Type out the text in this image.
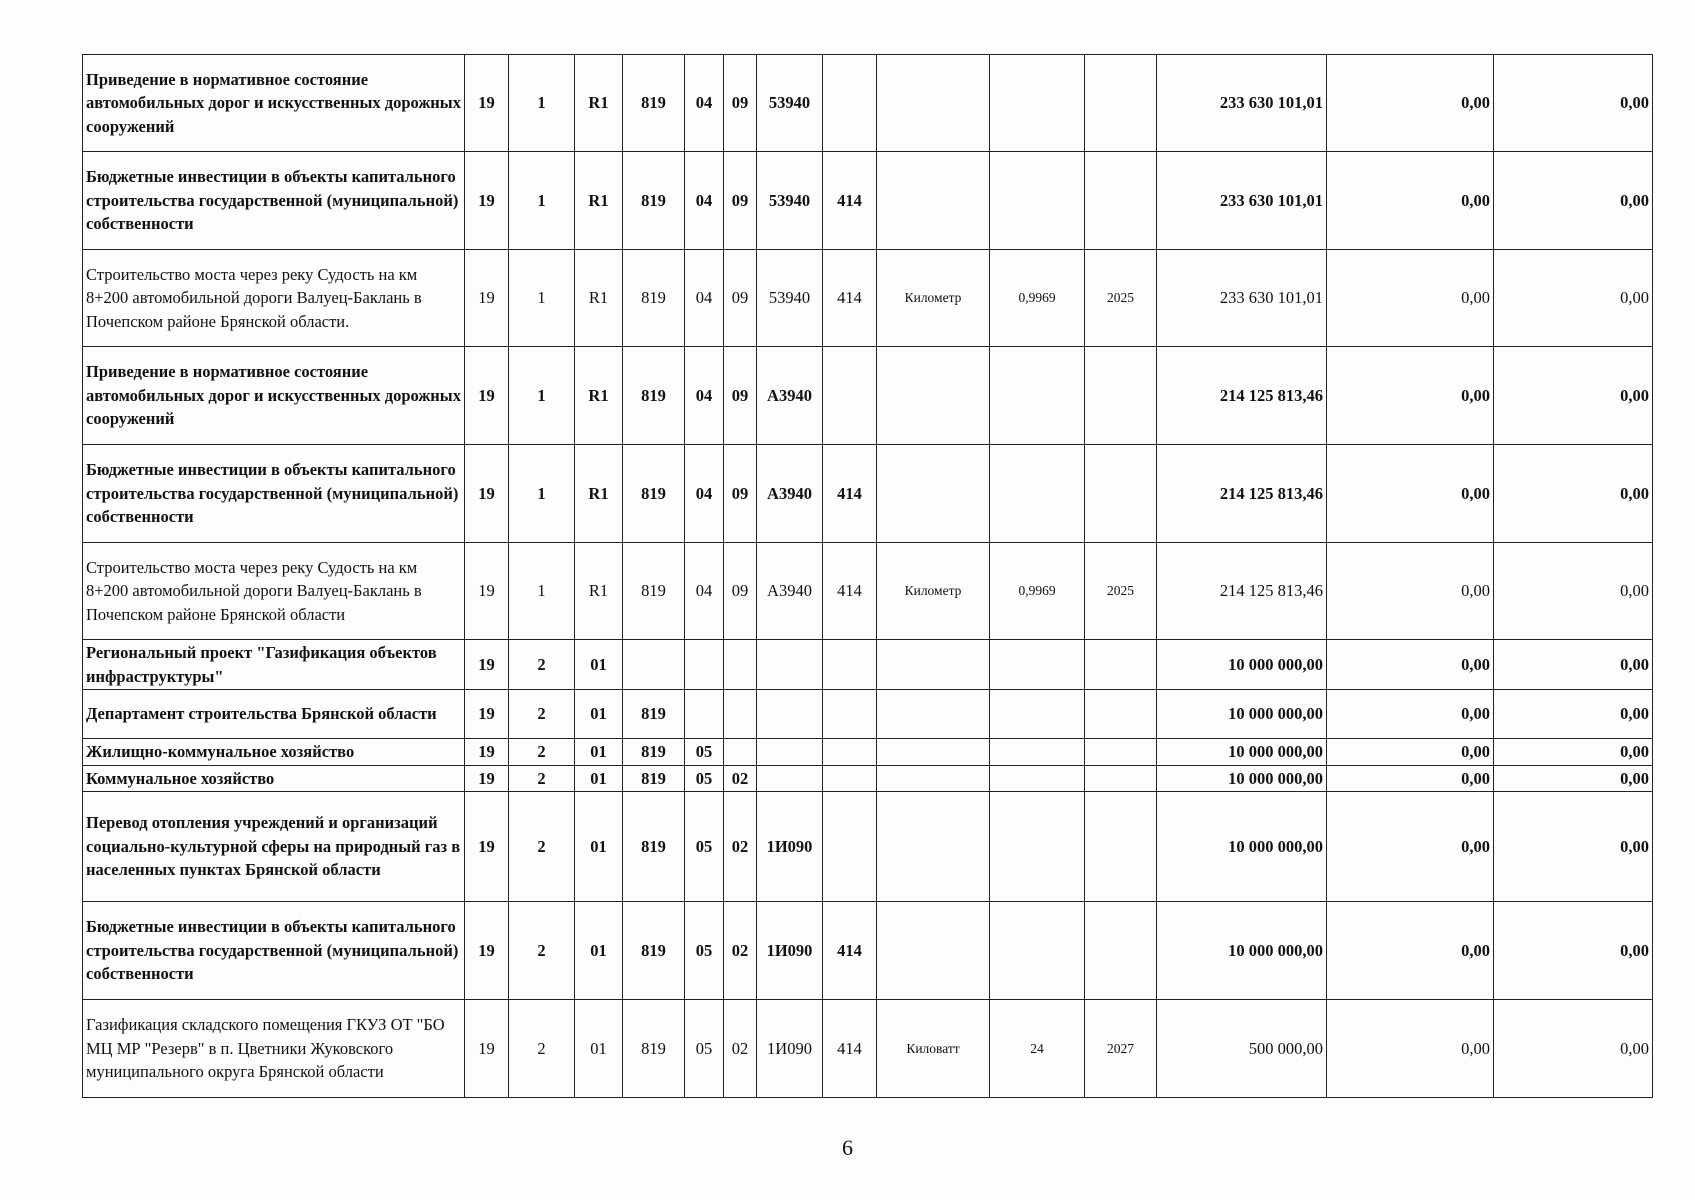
Приведение в нормативное состояние автомобильных дорог и искусственных дорожных сооружений	19	1	R1	819	04	09	53940					233 630 101,01	0,00	0,00
Бюджетные инвестиции в объекты капитального строительства государственной (муниципальной) собственности	19	1	R1	819	04	09	53940	414				233 630 101,01	0,00	0,00
Строительство моста через реку Судость на км 8+200 автомобильной дороги Валуец-Баклань в Почепском районе Брянской области.	19	1	R1	819	04	09	53940	414	Километр	0,9969	2025	233 630 101,01	0,00	0,00
Приведение в нормативное состояние автомобильных дорог и искусственных дорожных сооружений	19	1	R1	819	04	09	А3940					214 125 813,46	0,00	0,00
Бюджетные инвестиции в объекты капитального строительства государственной (муниципальной) собственности	19	1	R1	819	04	09	А3940	414				214 125 813,46	0,00	0,00
Строительство моста через реку Судость на км 8+200 автомобильной дороги Валуец-Баклань в Почепском районе Брянской области	19	1	R1	819	04	09	А3940	414	Километр	0,9969	2025	214 125 813,46	0,00	0,00
Региональный проект "Газификация объектов инфраструктуры"	19	2	01									10 000 000,00	0,00	0,00
Департамент строительства Брянской области	19	2	01	819								10 000 000,00	0,00	0,00
Жилищно-коммунальное хозяйство	19	2	01	819	05							10 000 000,00	0,00	0,00
Коммунальное хозяйство	19	2	01	819	05	02						10 000 000,00	0,00	0,00
Перевод отопления учреждений и организаций социально-культурной сферы на природный газ в населенных пунктах Брянской области	19	2	01	819	05	02	1И090					10 000 000,00	0,00	0,00
Бюджетные инвестиции в объекты капитального строительства государственной (муниципальной) собственности	19	2	01	819	05	02	1И090	414				10 000 000,00	0,00	0,00
Газификация складского помещения ГКУЗ ОТ "БО МЦ МР "Резерв" в п. Цветники Жуковского муниципального округа Брянской области	19	2	01	819	05	02	1И090	414	Киловатт	24	2027	500 000,00	0,00	0,00
6
